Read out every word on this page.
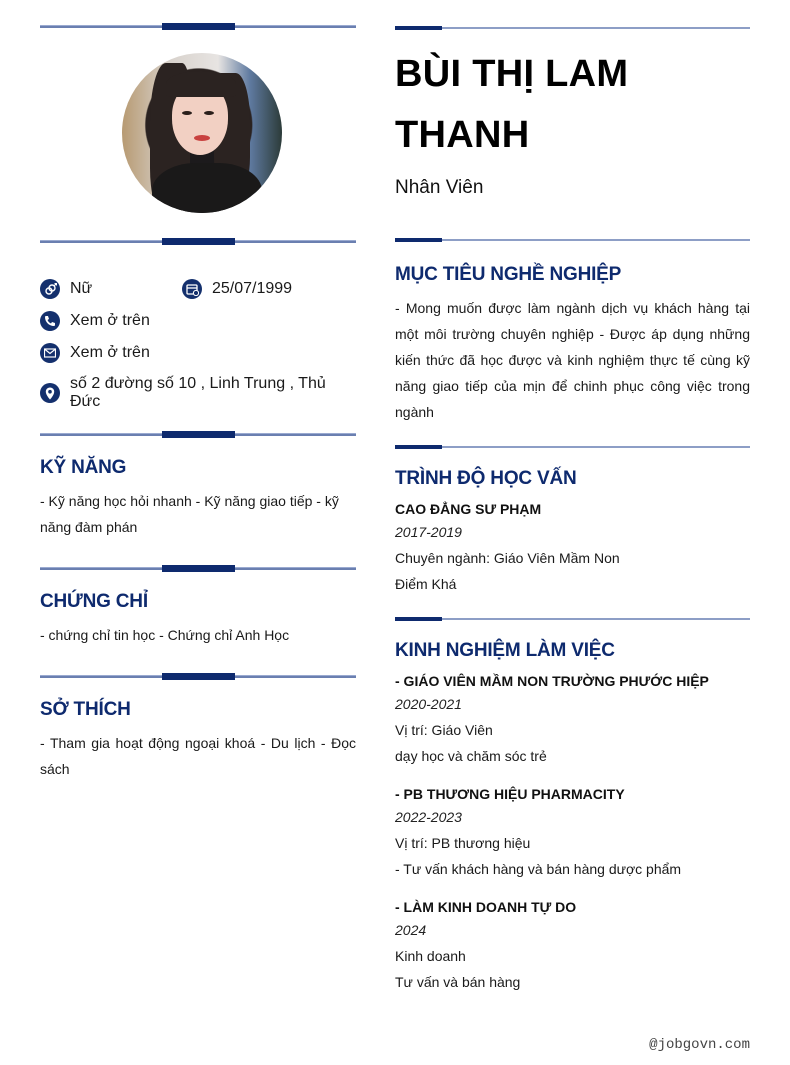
Nữ	25/07/1999
Xem ở trên
Xem ở trên
số 2 đường số 10 , Linh Trung , Thủ Đức
KỸ NĂNG
- Kỹ năng học hỏi nhanh - Kỹ năng giao tiếp - kỹ năng đàm phán
CHỨNG CHỈ
- chứng chỉ tin học - Chứng chỉ Anh Học
SỞ THÍCH
- Tham gia hoạt động ngoại khoá - Du lịch - Đọc sách
BÙI THỊ LAM
THANH
Nhân Viên
MỤC TIÊU NGHỀ NGHIỆP
- Mong muốn được làm ngành dịch vụ khách hàng tại một môi trường chuyên nghiệp - Được áp dụng những kiến thức đã học được và kinh nghiệm thực tế cùng kỹ năng giao tiếp của mịn để chinh phục công việc trong ngành
TRÌNH ĐỘ HỌC VẤN
CAO ĐẲNG SƯ PHẠM
2017-2019
Chuyên ngành: Giáo Viên Mầm Non
Điểm Khá
KINH NGHIỆM LÀM VIỆC
- GIÁO VIÊN MẦM NON TRƯỜNG PHƯỚC HIỆP
2020-2021
Vị trí: Giáo Viên
dạy học và chăm sóc trẻ
- PB THƯƠNG HIỆU PHARMACITY
2022-2023
Vị trí: PB thương hiệu
- Tư vấn khách hàng và bán hàng dược phẩm
- LÀM KINH DOANH TỰ DO
2024
Kinh doanh
Tư vấn và bán hàng
@jobgovn.com
